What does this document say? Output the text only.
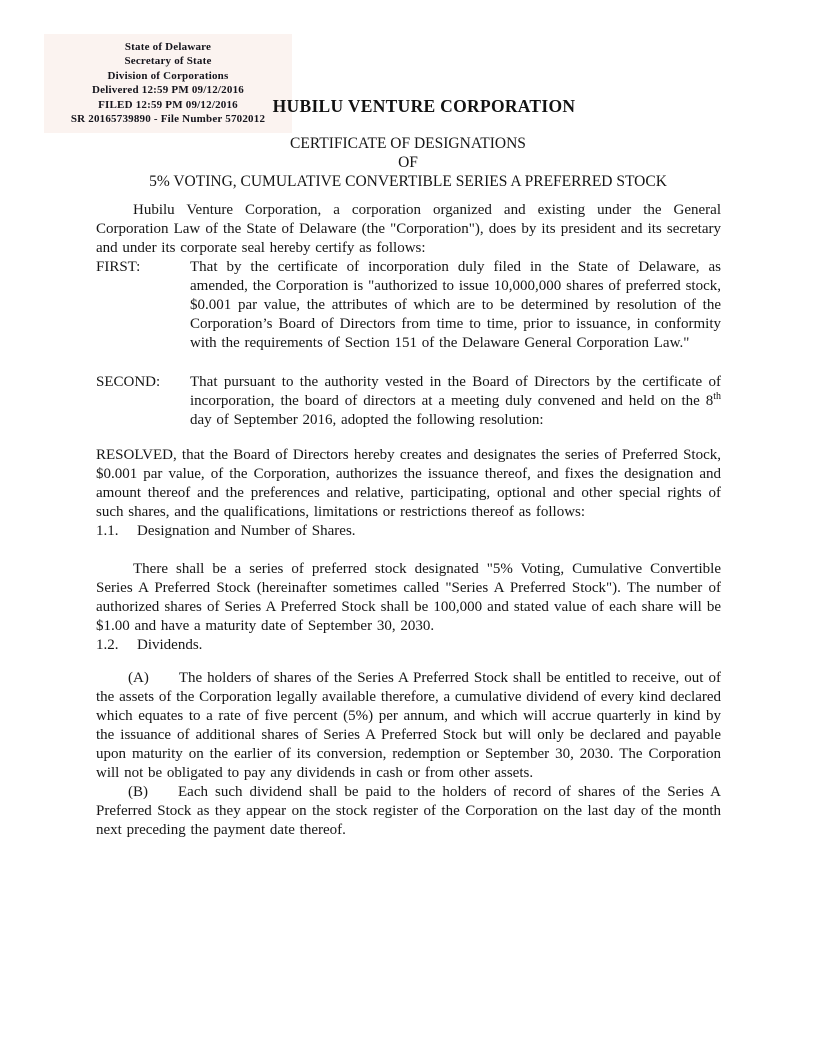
State of Delaware
Secretary of State
Division of Corporations
Delivered 12:59 PM 09/12/2016
FILED 12:59 PM 09/12/2016
SR 20165739890 - File Number 5702012
HUBILU VENTURE CORPORATION
CERTIFICATE OF DESIGNATIONS
OF
5% VOTING, CUMULATIVE CONVERTIBLE SERIES A PREFERRED STOCK

Hubilu Venture Corporation, a corporation organized and existing under the General Corporation Law of the State of Delaware (the "Corporation"), does by its president and its secretary and under its corporate seal hereby certify as follows:

FIRST:	That by the certificate of incorporation duly filed in the State of Delaware, as amended, the Corporation is "authorized to issue 10,000,000 shares of preferred stock, $0.001 par value, the attributes of which are to be determined by resolution of the Corporation’s Board of Directors from time to time, prior to issuance, in conformity with the requirements of Section 151 of the Delaware General Corporation Law."
SECOND:	That pursuant to the authority vested in the Board of Directors by the certificate of incorporation, the board of directors at a meeting duly convened and held on the 8th day of September 2016, adopted the following resolution:

RESOLVED, that the Board of Directors hereby creates and designates the series of Preferred Stock, $0.001 par value, of the Corporation, authorizes the issuance thereof, and fixes the designation and amount thereof and the preferences and relative, participating, optional and other special rights of such shares, and the qualifications, limitations or restrictions thereof as follows:

1.1.	Designation and Number of Shares.

There shall be a series of preferred stock designated "5% Voting, Cumulative Convertible Series A Preferred Stock (hereinafter sometimes called "Series A Preferred Stock"). The number of authorized shares of Series A Preferred Stock shall be 100,000 and stated value of each share will be $1.00 and have a maturity date of September 30, 2030.

1.2.	Dividends.

(A) The holders of shares of the Series A Preferred Stock shall be entitled to receive, out of the assets of the Corporation legally available therefore, a cumulative dividend of every kind declared which equates to a rate of five percent (5%) per annum, and which will accrue quarterly in kind by the issuance of additional shares of Series A Preferred Stock but will only be declared and payable upon maturity on the earlier of its conversion, redemption or September 30, 2030. The Corporation will not be obligated to pay any dividends in cash or from other assets.

(B) Each such dividend shall be paid to the holders of record of shares of the Series A Preferred Stock as they appear on the stock register of the Corporation on the last day of the month next preceding the payment date thereof.
